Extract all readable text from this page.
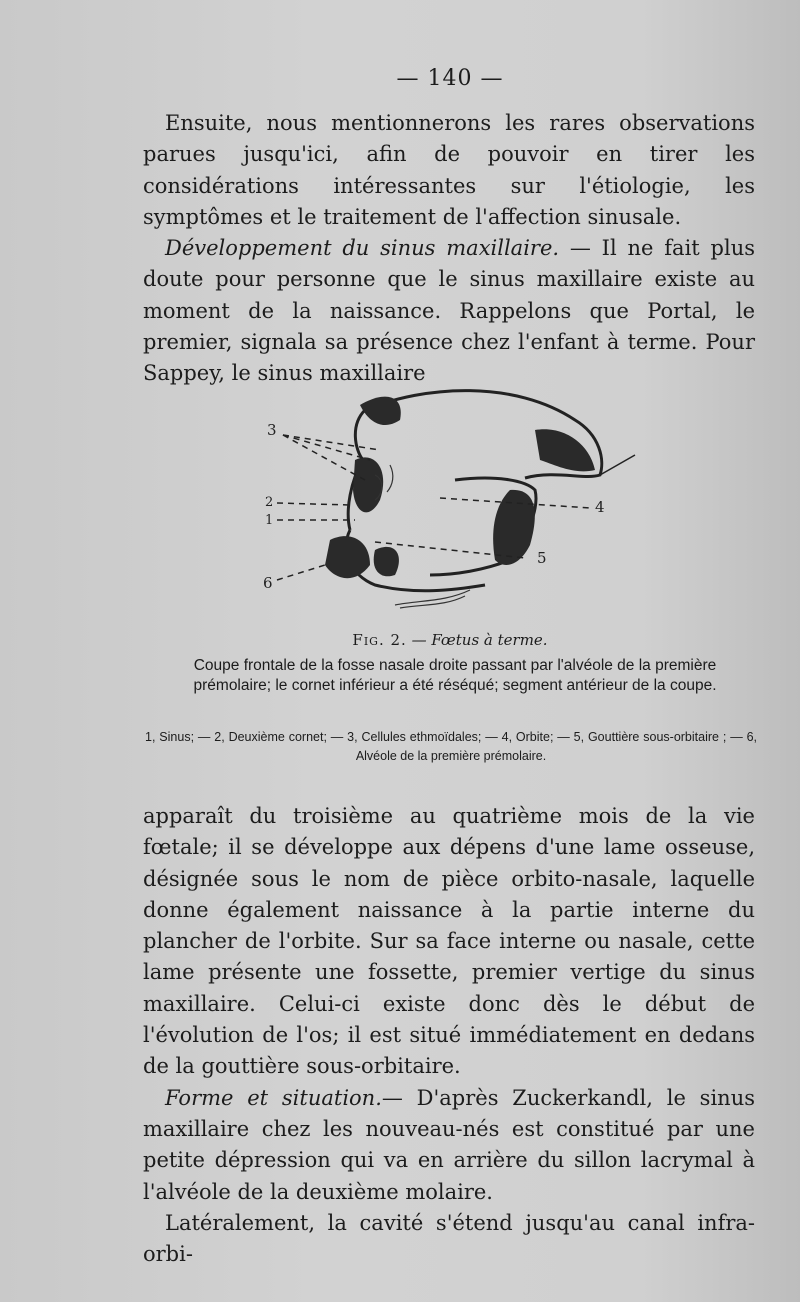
— 140 —

Ensuite, nous mentionnerons les rares observations parues jusqu'ici, afin de pouvoir en tirer les considérations intéressantes sur l'étiologie, les symptômes et le traitement de l'affection sinusale.

Développement du sinus maxillaire. — Il ne fait plus doute pour personne que le sinus maxillaire existe au moment de la naissance. Rappelons que Portal, le premier, signala sa présence chez l'enfant à terme. Pour Sappey, le sinus maxillaire

3
2
1
6
4
5
Fig. 2. — Fœtus à terme.
Coupe frontale de la fosse nasale droite passant par l'alvéole de la première prémolaire; le cornet inférieur a été réséqué; segment antérieur de la coupe.
1, Sinus; — 2, Deuxième cornet; — 3, Cellules ethmoïdales; — 4, Orbite; — 5, Gouttière sous-orbitaire ; — 6, Alvéole de la première prémolaire.

apparaît du troisième au quatrième mois de la vie fœtale; il se développe aux dépens d'une lame osseuse, désignée sous le nom de pièce orbito-nasale, laquelle donne également naissance à la partie interne du plancher de l'orbite. Sur sa face interne ou nasale, cette lame présente une fossette, premier vertige du sinus maxillaire. Celui-ci existe donc dès le début de l'évolution de l'os; il est situé immédiatement en dedans de la gouttière sous-orbitaire.

Forme et situation.— D'après Zuckerkandl, le sinus maxillaire chez les nouveau-nés est constitué par une petite dépression qui va en arrière du sillon lacrymal à l'alvéole de la deuxième molaire.

Latéralement, la cavité s'étend jusqu'au canal infra-orbi-
